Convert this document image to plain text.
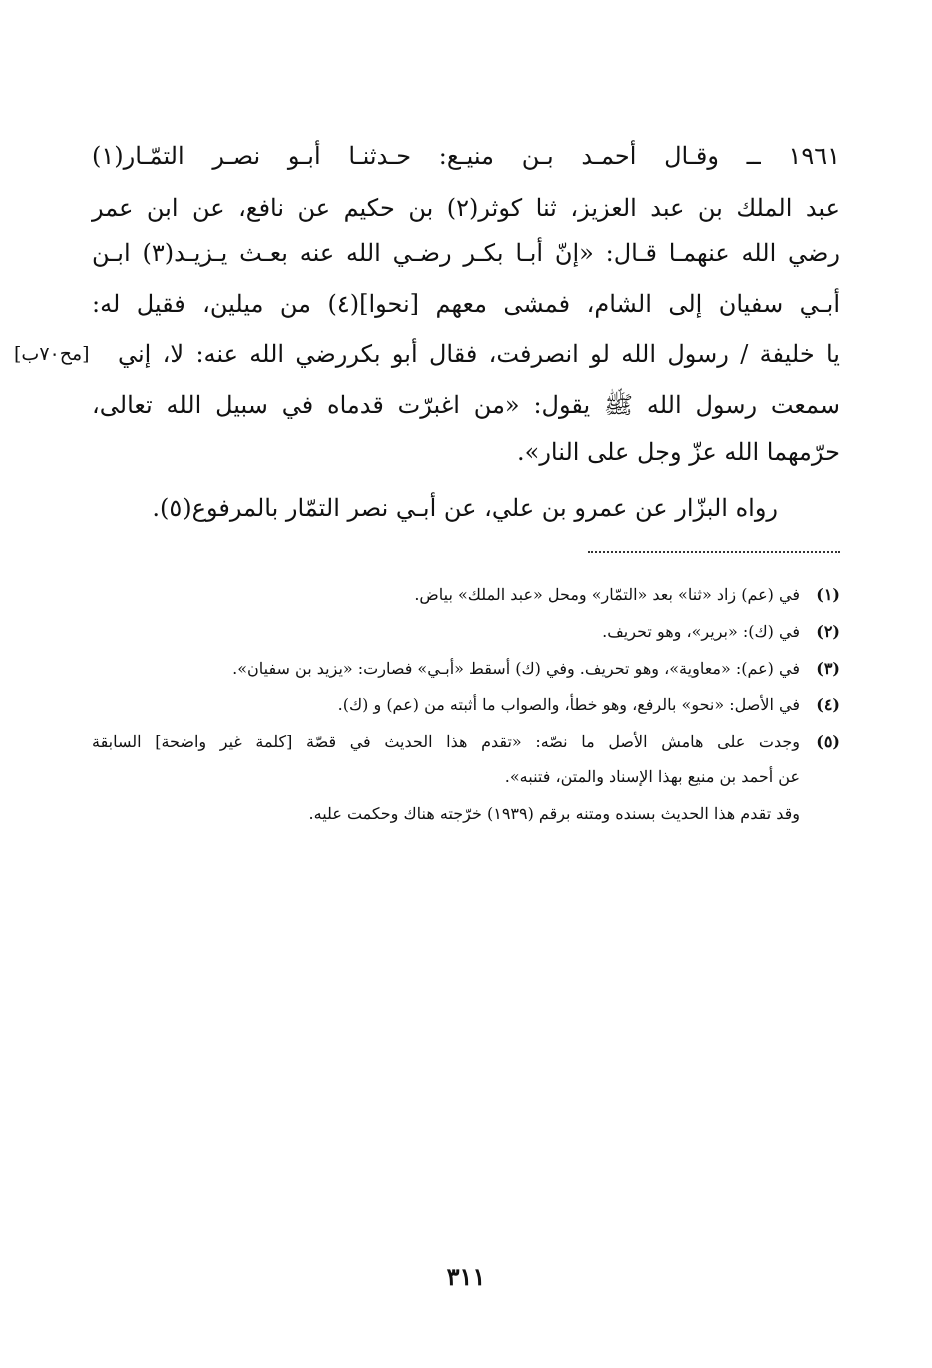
١٩٦١ ــ وقـال أحمـد بـن منيـع: حـدثنـا أبـو نصـر التمّـار(١)
عبد الملك بن عبد العزيز، ثنا كوثر(٢) بن حكيم عن نافع، عن ابن عمر
رضي الله عنهمـا قـال: «إنّ أبـا بكـر رضـي الله عنه بعـث يـزيـد(٣) ابـن
أبـي سفيان إلى الشام، فمشى معهم [نحوا](٤) من ميلين، فقيل له:
يا خليفة / رسول الله لو انصرفت، فقال أبو بكررضي الله عنه: لا، إني
[مح٧٠ب]
سمعت رسول الله ﷺ يقول: «من اغبرّت قدماه في سبيل الله تعالى،
حرّمهما الله عزّ وجل على النار».
رواه البزّار عن عمرو بن علي، عن أبـي نصر التمّار بالمرفوع(٥).
(١)في (عم) زاد «ثنا» بعد «التمّار» ومحل «عبد الملك» بياض.
(٢)في (ك): «برير»، وهو تحريف.
(٣)في (عم): «معاوية»، وهو تحريف. وفي (ك) أسقط «أبـي» فصارت: «يزيد بن سفيان».
(٤)في الأصل: «نحو» بالرفع، وهو خطأ، والصواب ما أثبته من (عم) و (ك).
(٥)وجدت على هامش الأصل ما نصّه: «تقدم هذا الحديث في قصّة [كلمة غير واضحة] السابقة
عن أحمد بن منيع بهذا الإسناد والمتن، فتنبه».
وقد تقدم هذا الحديث بسنده ومتنه برقم (١٩٣٩) خرّجته هناك وحكمت عليه.
٣١١
